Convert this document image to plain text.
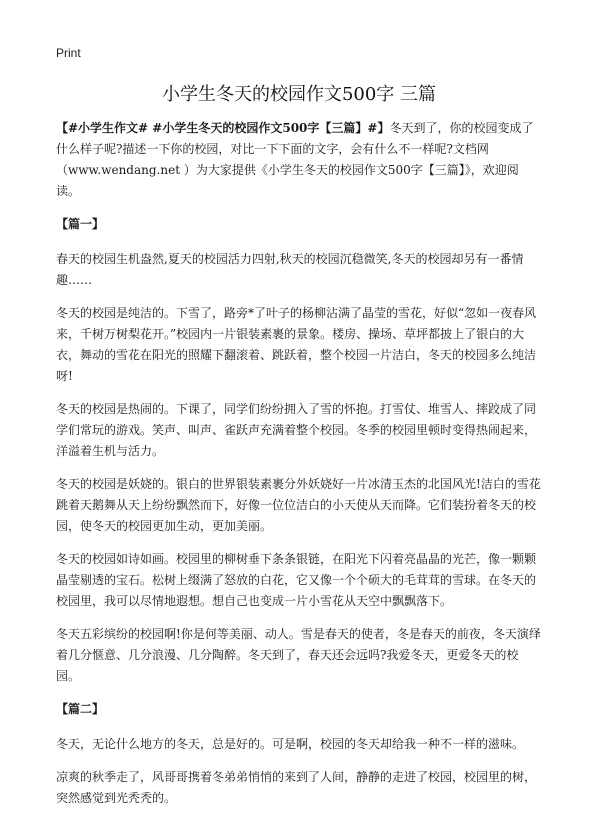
Print
小学生冬天的校园作文500字 三篇

【#小学生作文# #小学生冬天的校园作文500字【三篇】#】冬天到了，你的校园变成了什么样子呢?描述一下你的校园，对比一下下面的文字，会有什么不一样呢?文档网（www.wendang.net ）为大家提供《小学生冬天的校园作文500字【三篇】》，欢迎阅读。

【篇一】

春天的校园生机盎然,夏天的校园活力四射,秋天的校园沉稳微笑,冬天的校园却另有一番情趣……

冬天的校园是纯洁的。下雪了，路旁*了叶子的杨柳沾满了晶莹的雪花，好似“忽如一夜春风来，千树万树梨花开。”校园内一片银装素裹的景象。楼房、操场、草坪都披上了银白的大衣，舞动的雪花在阳光的照耀下翻滚着、跳跃着，整个校园一片洁白，冬天的校园多么纯洁呀!

冬天的校园是热闹的。下课了，同学们纷纷拥入了雪的怀抱。打雪仗、堆雪人、摔跤成了同学们常玩的游戏。笑声、叫声、雀跃声充满着整个校园。冬季的校园里顿时变得热闹起来，洋溢着生机与活力。

冬天的校园是妖娆的。银白的世界银装素裹分外妖娆好一片冰清玉杰的北国风光!洁白的雪花跳着天鹅舞从天上纷纷飘然而下，好像一位位洁白的小天使从天而降。它们装扮着冬天的校园，使冬天的校园更加生动，更加美丽。

冬天的校园如诗如画。校园里的柳树垂下条条银链，在阳光下闪着亮晶晶的光芒，像一颗颗晶莹剔透的宝石。松树上缀满了怒放的白花，它又像一个个硕大的毛茸茸的雪球。在冬天的校园里，我可以尽情地遐想。想自己也变成一片小雪花从天空中飘飘落下。

冬天五彩缤纷的校园啊!你是何等美丽、动人。雪是春天的使者，冬是春天的前夜，冬天演绎着几分惬意、几分浪漫、几分陶醉。冬天到了，春天还会远吗?我爱冬天，更爱冬天的校园。

【篇二】

冬天，无论什么地方的冬天，总是好的。可是啊，校园的冬天却给我一种不一样的滋味。

凉爽的秋季走了，风哥哥携着冬弟弟悄悄的来到了人间，静静的走进了校园，校园里的树，突然感觉到光秃秃的。
